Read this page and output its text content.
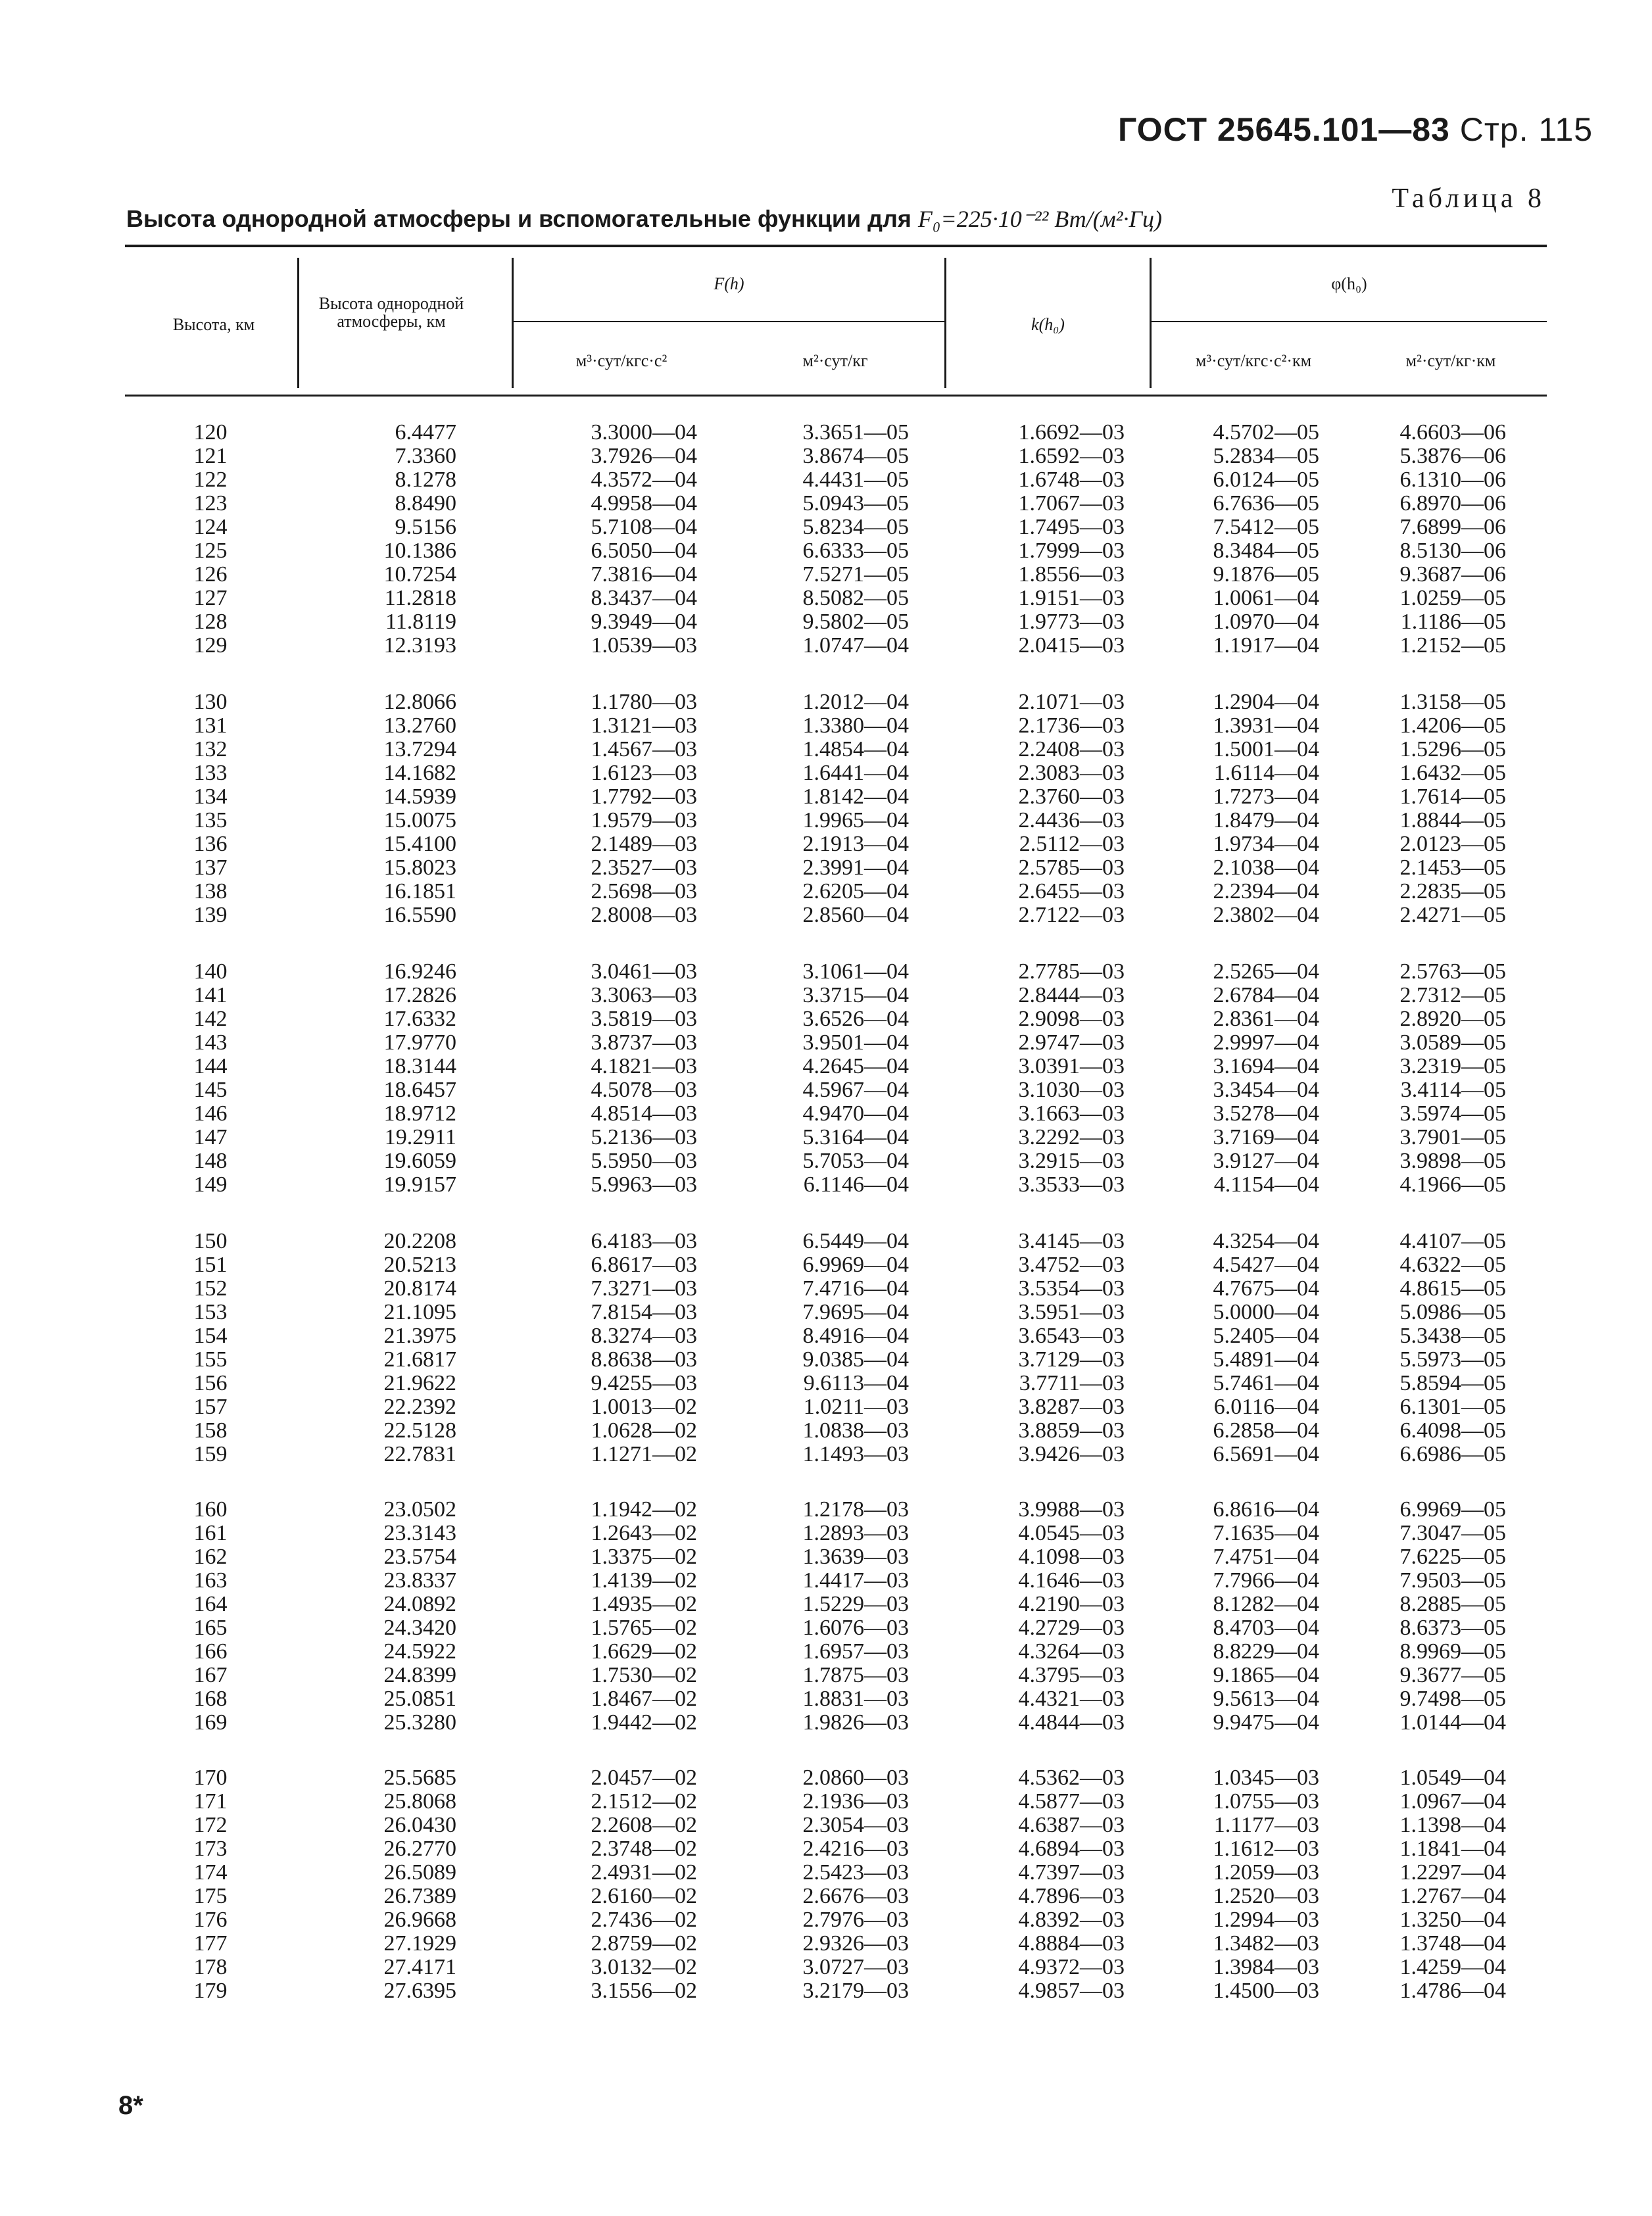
ГОСТ 25645.101—83 Стр. 115
Таблица 8
Высота однородной атмосферы и вспомогательные функции для F₀=225·10⁻²² Вт/(м²·Гц)
Высота, км
Высота однородной атмосферы, км
F(h)
м³·сут/кгс·с²	м²·сут/кг
k(h₀)
φ(h₀)
м³·сут/кгс·с²·км	м²·сут/кг·км
120	6.4477	3.3000—04	3.3651—05	1.6692—03	4.5702—05	4.6603—06
121	7.3360	3.7926—04	3.8674—05	1.6592—03	5.2834—05	5.3876—06
122	8.1278	4.3572—04	4.4431—05	1.6748—03	6.0124—05	6.1310—06
123	8.8490	4.9958—04	5.0943—05	1.7067—03	6.7636—05	6.8970—06
124	9.5156	5.7108—04	5.8234—05	1.7495—03	7.5412—05	7.6899—06
125	10.1386	6.5050—04	6.6333—05	1.7999—03	8.3484—05	8.5130—06
126	10.7254	7.3816—04	7.5271—05	1.8556—03	9.1876—05	9.3687—06
127	11.2818	8.3437—04	8.5082—05	1.9151—03	1.0061—04	1.0259—05
128	11.8119	9.3949—04	9.5802—05	1.9773—03	1.0970—04	1.1186—05
129	12.3193	1.0539—03	1.0747—04	2.0415—03	1.1917—04	1.2152—05
130	12.8066	1.1780—03	1.2012—04	2.1071—03	1.2904—04	1.3158—05
131	13.2760	1.3121—03	1.3380—04	2.1736—03	1.3931—04	1.4206—05
132	13.7294	1.4567—03	1.4854—04	2.2408—03	1.5001—04	1.5296—05
133	14.1682	1.6123—03	1.6441—04	2.3083—03	1.6114—04	1.6432—05
134	14.5939	1.7792—03	1.8142—04	2.3760—03	1.7273—04	1.7614—05
135	15.0075	1.9579—03	1.9965—04	2.4436—03	1.8479—04	1.8844—05
136	15.4100	2.1489—03	2.1913—04	2.5112—03	1.9734—04	2.0123—05
137	15.8023	2.3527—03	2.3991—04	2.5785—03	2.1038—04	2.1453—05
138	16.1851	2.5698—03	2.6205—04	2.6455—03	2.2394—04	2.2835—05
139	16.5590	2.8008—03	2.8560—04	2.7122—03	2.3802—04	2.4271—05
140	16.9246	3.0461—03	3.1061—04	2.7785—03	2.5265—04	2.5763—05
141	17.2826	3.3063—03	3.3715—04	2.8444—03	2.6784—04	2.7312—05
142	17.6332	3.5819—03	3.6526—04	2.9098—03	2.8361—04	2.8920—05
143	17.9770	3.8737—03	3.9501—04	2.9747—03	2.9997—04	3.0589—05
144	18.3144	4.1821—03	4.2645—04	3.0391—03	3.1694—04	3.2319—05
145	18.6457	4.5078—03	4.5967—04	3.1030—03	3.3454—04	3.4114—05
146	18.9712	4.8514—03	4.9470—04	3.1663—03	3.5278—04	3.5974—05
147	19.2911	5.2136—03	5.3164—04	3.2292—03	3.7169—04	3.7901—05
148	19.6059	5.5950—03	5.7053—04	3.2915—03	3.9127—04	3.9898—05
149	19.9157	5.9963—03	6.1146—04	3.3533—03	4.1154—04	4.1966—05
150	20.2208	6.4183—03	6.5449—04	3.4145—03	4.3254—04	4.4107—05
151	20.5213	6.8617—03	6.9969—04	3.4752—03	4.5427—04	4.6322—05
152	20.8174	7.3271—03	7.4716—04	3.5354—03	4.7675—04	4.8615—05
153	21.1095	7.8154—03	7.9695—04	3.5951—03	5.0000—04	5.0986—05
154	21.3975	8.3274—03	8.4916—04	3.6543—03	5.2405—04	5.3438—05
155	21.6817	8.8638—03	9.0385—04	3.7129—03	5.4891—04	5.5973—05
156	21.9622	9.4255—03	9.6113—04	3.7711—03	5.7461—04	5.8594—05
157	22.2392	1.0013—02	1.0211—03	3.8287—03	6.0116—04	6.1301—05
158	22.5128	1.0628—02	1.0838—03	3.8859—03	6.2858—04	6.4098—05
159	22.7831	1.1271—02	1.1493—03	3.9426—03	6.5691—04	6.6986—05
160	23.0502	1.1942—02	1.2178—03	3.9988—03	6.8616—04	6.9969—05
161	23.3143	1.2643—02	1.2893—03	4.0545—03	7.1635—04	7.3047—05
162	23.5754	1.3375—02	1.3639—03	4.1098—03	7.4751—04	7.6225—05
163	23.8337	1.4139—02	1.4417—03	4.1646—03	7.7966—04	7.9503—05
164	24.0892	1.4935—02	1.5229—03	4.2190—03	8.1282—04	8.2885—05
165	24.3420	1.5765—02	1.6076—03	4.2729—03	8.4703—04	8.6373—05
166	24.5922	1.6629—02	1.6957—03	4.3264—03	8.8229—04	8.9969—05
167	24.8399	1.7530—02	1.7875—03	4.3795—03	9.1865—04	9.3677—05
168	25.0851	1.8467—02	1.8831—03	4.4321—03	9.5613—04	9.7498—05
169	25.3280	1.9442—02	1.9826—03	4.4844—03	9.9475—04	1.0144—04
170	25.5685	2.0457—02	2.0860—03	4.5362—03	1.0345—03	1.0549—04
171	25.8068	2.1512—02	2.1936—03	4.5877—03	1.0755—03	1.0967—04
172	26.0430	2.2608—02	2.3054—03	4.6387—03	1.1177—03	1.1398—04
173	26.2770	2.3748—02	2.4216—03	4.6894—03	1.1612—03	1.1841—04
174	26.5089	2.4931—02	2.5423—03	4.7397—03	1.2059—03	1.2297—04
175	26.7389	2.6160—02	2.6676—03	4.7896—03	1.2520—03	1.2767—04
176	26.9668	2.7436—02	2.7976—03	4.8392—03	1.2994—03	1.3250—04
177	27.1929	2.8759—02	2.9326—03	4.8884—03	1.3482—03	1.3748—04
178	27.4171	3.0132—02	3.0727—03	4.9372—03	1.3984—03	1.4259—04
179	27.6395	3.1556—02	3.2179—03	4.9857—03	1.4500—03	1.4786—04
8*
